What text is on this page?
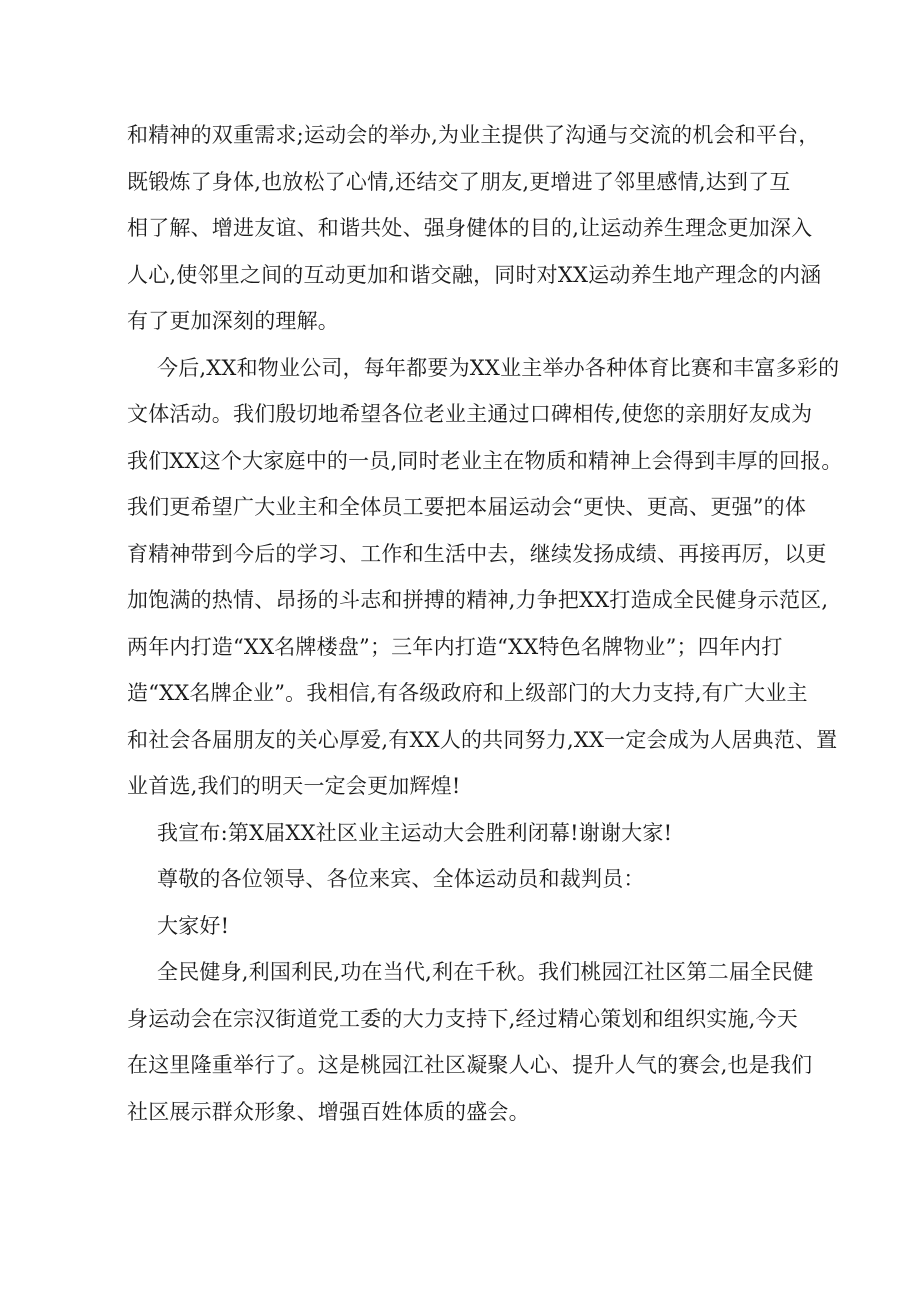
和精神的双重需求;运动会的举办,为业主提供了沟通与交流的机会和平台，
既锻炼了身体,也放松了心情,还结交了朋友,更增进了邻里感情,达到了互
相了解、增进友谊、和谐共处、强身健体的目的,让运动养生理念更加深入
人心,使邻里之间的互动更加和谐交融，同时对XX运动养生地产理念的内涵
有了更加深刻的理解。
今后,XX和物业公司，每年都要为XX业主举办各种体育比赛和丰富多彩的
文体活动。我们殷切地希望各位老业主通过口碑相传,使您的亲朋好友成为
我们XX这个大家庭中的一员,同时老业主在物质和精神上会得到丰厚的回报。
我们更希望广大业主和全体员工要把本届运动会“更快、更高、更强”的体
育精神带到今后的学习、工作和生活中去，继续发扬成绩、再接再厉，以更
加饱满的热情、昂扬的斗志和拼搏的精神,力争把XX打造成全民健身示范区,
两年内打造“XX名牌楼盘”；三年内打造“XX特色名牌物业”；四年内打
造“XX名牌企业”。我相信,有各级政府和上级部门的大力支持,有广大业主
和社会各届朋友的关心厚爱,有XX人的共同努力,XX一定会成为人居典范、置
业首选,我们的明天一定会更加辉煌!
我宣布:第X届XX社区业主运动大会胜利闭幕!谢谢大家!
尊敬的各位领导、各位来宾、全体运动员和裁判员：
大家好!
全民健身,利国利民,功在当代,利在千秋。我们桃园江社区第二届全民健
身运动会在宗汉街道党工委的大力支持下,经过精心策划和组织实施,今天
在这里隆重举行了。这是桃园江社区凝聚人心、提升人气的赛会,也是我们
社区展示群众形象、增强百姓体质的盛会。
